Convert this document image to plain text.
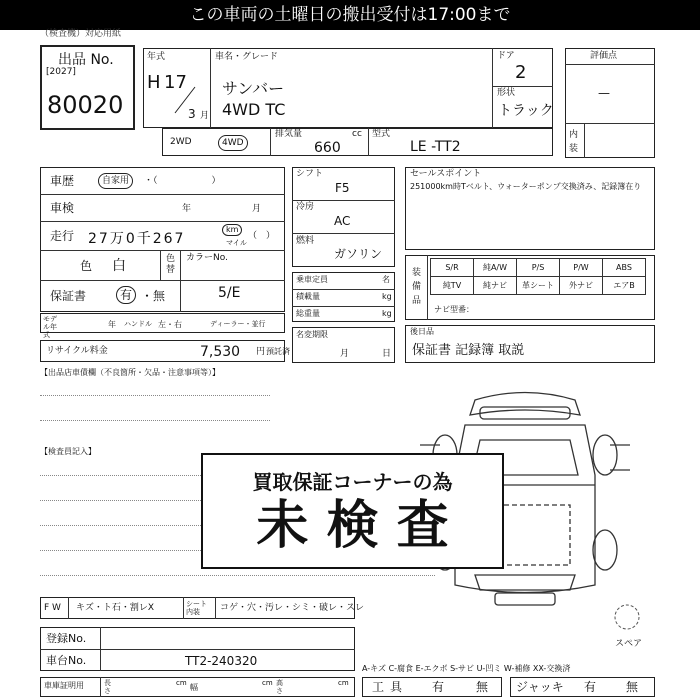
この車両の土曜日の搬出受付は17:00まで
（検査機）対応用紙
出品 No.
[2027]
80020
年式
H 17
3 月
車名・グレード
サンバー
4WD TC
ドア
2
形状
トラック
評価点
—
内装
2WD	4WD
排気量	cc
660
型式
LE -TT2
車歴	自家用	・（　　　　　　）
車検	年	月
走行 27万0千267
km
マイル
（　）
色 白	色替
カラーNo.
5/E
保証書	有 ・無
モデル年式
年 ハンドル 左・右	ディーラー・並行
リサイクル料金	7,530 円 預託済
シフト
F5
冷房
AC
燃料
ガソリン
乗車定員	名
積載量	kg
総重量	kg
名変期限
月	日
セールスポイント
251000km時Tベルト、ウォーターポンプ交換済み、記録簿在り
装備品
S/R	純A/W	P/S	P/W	ABS
純TV	純ナビ	革シート	外ナビ	エアB
ナビ型番：
後日品
保証書 記録簿 取説
【出品店車債欄（不良箇所・欠品・注意事項等）】
【検査員記入】
スペア
買取保証コーナーの為
未 検 査
F W キズ・ト石・割レX	シート内装	コゲ・穴・汚レ・シミ・破レ・スレ
登録No.
車台No.	TT2-240320
車庫証明用	長さ
cm 幅	cm 高さ
cm
A-キズ C-腐食 E-エクボ S-サビ U-凹ミ W-補修 XX-交換済
工具 有	無 ジャッキ 有 無
